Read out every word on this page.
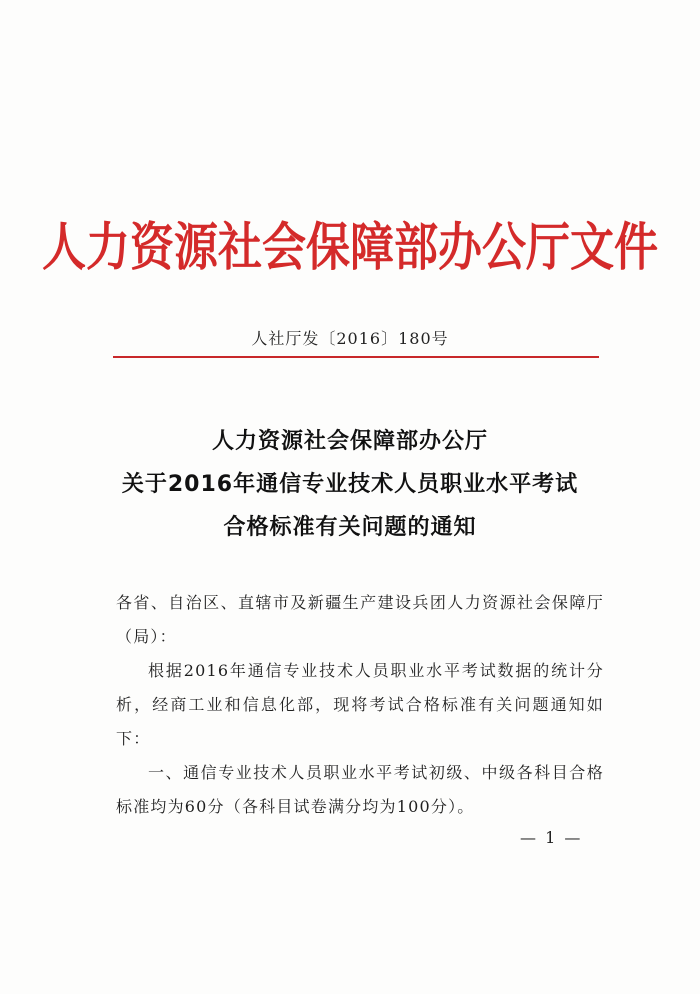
人力资源社会保障部办公厅文件
人社厅发〔2016〕180号
人力资源社会保障部办公厅
关于2016年通信专业技术人员职业水平考试
合格标准有关问题的通知

各省、自治区、直辖市及新疆生产建设兵团人力资源社会保障厅（局）：

根据2016年通信专业技术人员职业水平考试数据的统计分析，经商工业和信息化部，现将考试合格标准有关问题通知如下：

一、通信专业技术人员职业水平考试初级、中级各科目合格标准均为60分（各科目试卷满分均为100分）。

— 1 —
